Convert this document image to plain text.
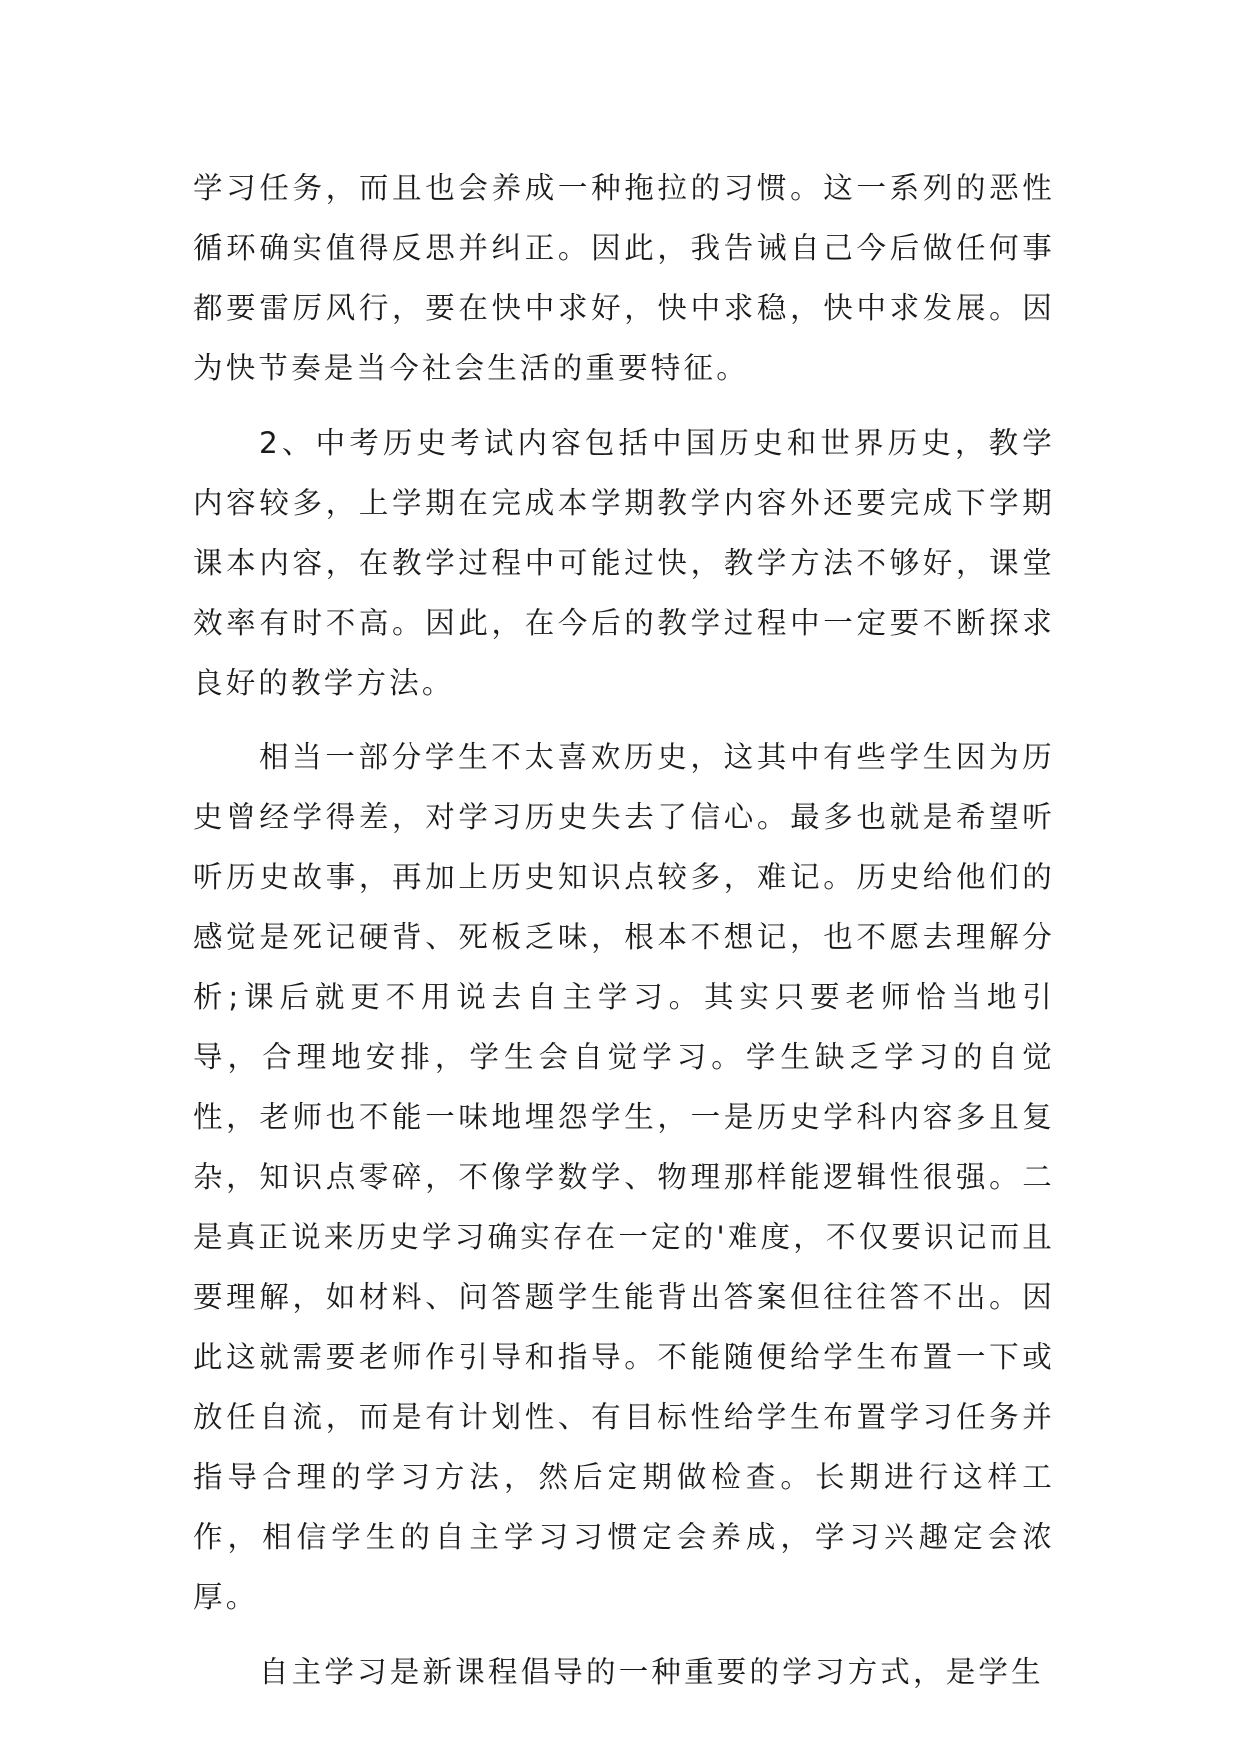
学习任务，而且也会养成一种拖拉的习惯。这一系列的恶性循环确实值得反思并纠正。因此，我告诫自己今后做任何事都要雷厉风行，要在快中求好，快中求稳，快中求发展。因为快节奏是当今社会生活的重要特征。

2、中考历史考试内容包括中国历史和世界历史，教学内容较多，上学期在完成本学期教学内容外还要完成下学期课本内容，在教学过程中可能过快，教学方法不够好，课堂效率有时不高。因此，在今后的教学过程中一定要不断探求良好的教学方法。

相当一部分学生不太喜欢历史，这其中有些学生因为历史曾经学得差，对学习历史失去了信心。最多也就是希望听听历史故事，再加上历史知识点较多，难记。历史给他们的感觉是死记硬背、死板乏味，根本不想记，也不愿去理解分析;课后就更不用说去自主学习。其实只要老师恰当地引导，合理地安排，学生会自觉学习。学生缺乏学习的自觉性，老师也不能一味地埋怨学生，一是历史学科内容多且复杂，知识点零碎，不像学数学、物理那样能逻辑性很强。二是真正说来历史学习确实存在一定的'难度，不仅要识记而且要理解，如材料、问答题学生能背出答案但往往答不出。因此这就需要老师作引导和指导。不能随便给学生布置一下或放任自流，而是有计划性、有目标性给学生布置学习任务并指导合理的学习方法，然后定期做检查。长期进行这样工作，相信学生的自主学习习惯定会养成，学习兴趣定会浓厚。

自主学习是新课程倡导的一种重要的学习方式，是学生
